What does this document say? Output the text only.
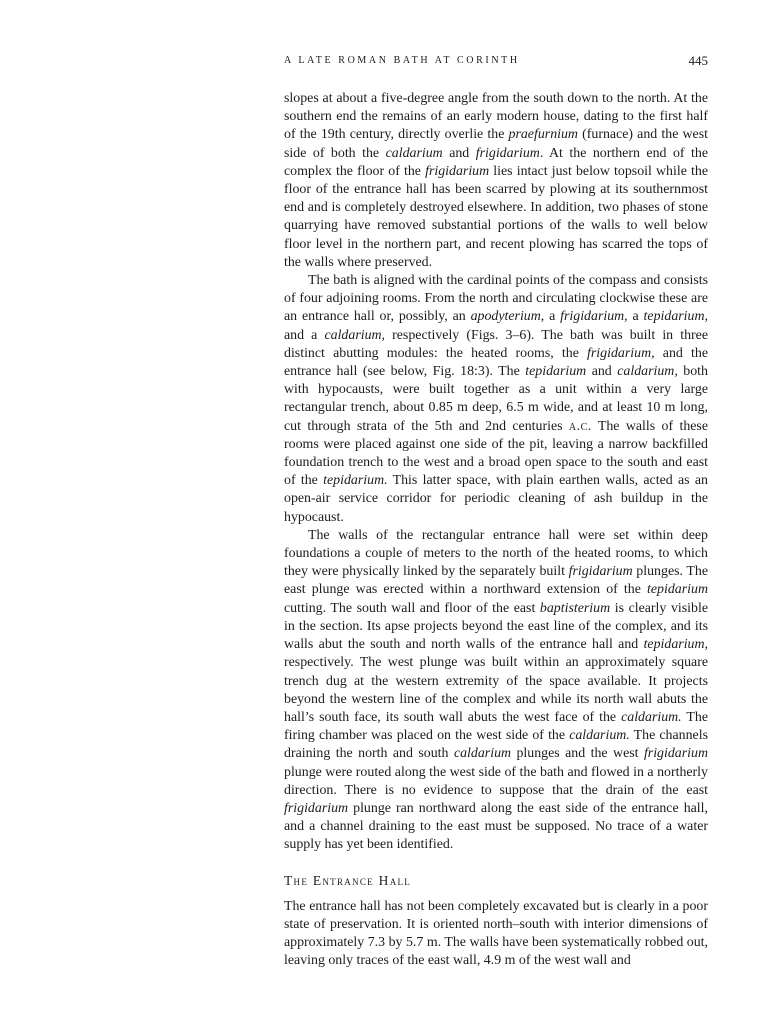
A LATE ROMAN BATH AT CORINTH	445

slopes at about a five-degree angle from the south down to the north. At the southern end the remains of an early modern house, dating to the first half of the 19th century, directly overlie the praefurnium (furnace) and the west side of both the caldarium and frigidarium. At the northern end of the complex the floor of the frigidarium lies intact just below topsoil while the floor of the entrance hall has been scarred by plowing at its southernmost end and is completely destroyed elsewhere. In addition, two phases of stone quarrying have removed substantial portions of the walls to well below floor level in the northern part, and recent plowing has scarred the tops of the walls where preserved.

The bath is aligned with the cardinal points of the compass and consists of four adjoining rooms. From the north and circulating clockwise these are an entrance hall or, possibly, an apodyterium, a frigidarium, a tepidarium, and a caldarium, respectively (Figs. 3–6). The bath was built in three distinct abutting modules: the heated rooms, the frigidarium, and the entrance hall (see below, Fig. 18:3). The tepidarium and caldarium, both with hypocausts, were built together as a unit within a very large rectangular trench, about 0.85 m deep, 6.5 m wide, and at least 10 m long, cut through strata of the 5th and 2nd centuries a.c. The walls of these rooms were placed against one side of the pit, leaving a narrow backfilled foundation trench to the west and a broad open space to the south and east of the tepidarium. This latter space, with plain earthen walls, acted as an open-air service corridor for periodic cleaning of ash buildup in the hypocaust.

The walls of the rectangular entrance hall were set within deep foundations a couple of meters to the north of the heated rooms, to which they were physically linked by the separately built frigidarium plunges. The east plunge was erected within a northward extension of the tepidarium cutting. The south wall and floor of the east baptisterium is clearly visible in the section. Its apse projects beyond the east line of the complex, and its walls abut the south and north walls of the entrance hall and tepidarium, respectively. The west plunge was built within an approximately square trench dug at the western extremity of the space available. It projects beyond the western line of the complex and while its north wall abuts the hall’s south face, its south wall abuts the west face of the caldarium. The firing chamber was placed on the west side of the caldarium. The channels draining the north and south caldarium plunges and the west frigidarium plunge were routed along the west side of the bath and flowed in a northerly direction. There is no evidence to suppose that the drain of the east frigidarium plunge ran northward along the east side of the entrance hall, and a channel draining to the east must be supposed. No trace of a water supply has yet been identified.

The Entrance Hall

The entrance hall has not been completely excavated but is clearly in a poor state of preservation. It is oriented north–south with interior dimensions of approximately 7.3 by 5.7 m. The walls have been systematically robbed out, leaving only traces of the east wall, 4.9 m of the west wall and
